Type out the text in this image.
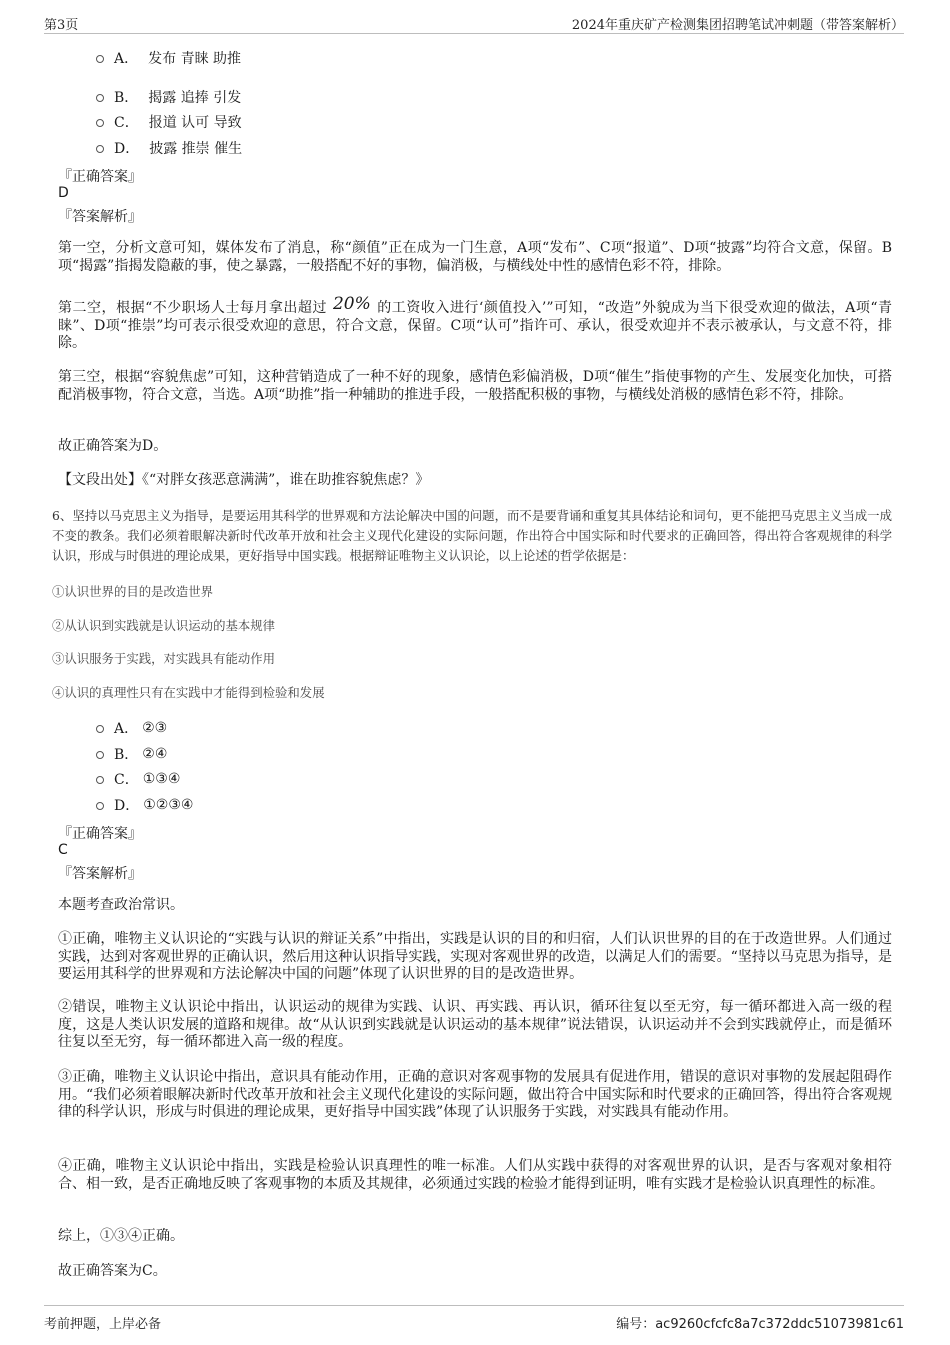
第3页	2024年重庆矿产检测集团招聘笔试冲刺题（带答案解析）
A． 发布 青睐 助推
B． 揭露 追捧 引发
C． 报道 认可 导致
D． 披露 推崇 催生
『正确答案』
D
『答案解析』
第一空，分析文意可知，媒体发布了消息，称“颜值”正在成为一门生意，A项“发布”、C项“报道”、D项“披露”均符合文意，保留。B项“揭露”指揭发隐蔽的事，使之暴露，一般搭配不好的事物，偏消极，与横线处中性的感情色彩不符，排除。
第二空，根据“不少职场人士每月拿出超过 20% 的工资收入进行‘颜值投入’”可知，“改造”外貌成为当下很受欢迎的做法，A项“青睐”、D项“推崇”均可表示很受欢迎的意思，符合文意，保留。C项“认可”指许可、承认，很受欢迎并不表示被承认，与文意不符，排除。
第三空，根据“容貌焦虑”可知，这种营销造成了一种不好的现象，感情色彩偏消极，D项“催生”指使事物的产生、发展变化加快，可搭配消极事物，符合文意，当选。A项“助推”指一种辅助的推进手段，一般搭配积极的事物，与横线处消极的感情色彩不符，排除。
故正确答案为D。
【文段出处】《“对胖女孩恶意满满”，谁在助推容貌焦虑？》
6、坚持以马克思主义为指导，是要运用其科学的世界观和方法论解决中国的问题，而不是要背诵和重复其具体结论和词句，更不能把马克思主义当成一成不变的教条。我们必须着眼解决新时代改革开放和社会主义现代化建设的实际问题，作出符合中国实际和时代要求的正确回答，得出符合客观规律的科学认识，形成与时俱进的理论成果，更好指导中国实践。根据辩证唯物主义认识论，以上论述的哲学依据是：
①认识世界的目的是改造世界
②从认识到实践就是认识运动的基本规律
③认识服务于实践，对实践具有能动作用
④认识的真理性只有在实践中才能得到检验和发展
A． ②③
B． ②④
C． ①③④
D． ①②③④
『正确答案』
C
『答案解析』
本题考查政治常识。
①正确，唯物主义认识论的“实践与认识的辩证关系”中指出，实践是认识的目的和归宿，人们认识世界的目的在于改造世界。人们通过实践，达到对客观世界的正确认识，然后用这种认识指导实践，实现对客观世界的改造，以满足人们的需要。“坚持以马克思为指导，是要运用其科学的世界观和方法论解决中国的问题”体现了认识世界的目的是改造世界。
②错误，唯物主义认识论中指出，认识运动的规律为实践、认识、再实践、再认识，循环往复以至无穷，每一循环都进入高一级的程度，这是人类认识发展的道路和规律。故“从认识到实践就是认识运动的基本规律”说法错误，认识运动并不会到实践就停止，而是循环往复以至无穷，每一循环都进入高一级的程度。
③正确，唯物主义认识论中指出，意识具有能动作用，正确的意识对客观事物的发展具有促进作用，错误的意识对事物的发展起阻碍作用。“我们必须着眼解决新时代改革开放和社会主义现代化建设的实际问题，做出符合中国实际和时代要求的正确回答，得出符合客观规律的科学认识，形成与时俱进的理论成果，更好指导中国实践”体现了认识服务于实践，对实践具有能动作用。
④正确，唯物主义认识论中指出，实践是检验认识真理性的唯一标准。人们从实践中获得的对客观世界的认识，是否与客观对象相符合、相一致，是否正确地反映了客观事物的本质及其规律，必须通过实践的检验才能得到证明，唯有实践才是检验认识真理性的标准。
综上，①③④正确。
故正确答案为C。
考前押题，上岸必备	编号：ac9260cfcfc8a7c372ddc51073981c61
